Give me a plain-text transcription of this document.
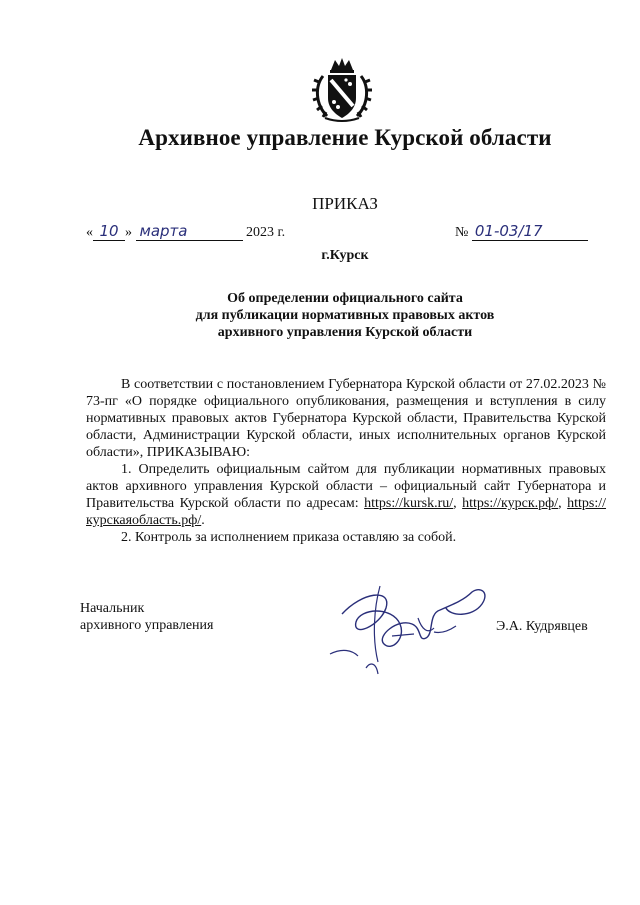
Архивное управление Курской области
ПРИКАЗ
« 10 » марта	2023 г.	№ 01-03/17
г.Курск
Об определении официального сайта
для публикации нормативных правовых актов
архивного управления Курской области

В соответствии с постановлением Губернатора Курской области от 27.02.2023 № 73-пг «О порядке официального опубликования, размещения и вступления в силу нормативных правовых актов Губернатора Курской области, Правительства Курской области, Администрации Курской области, иных исполнительных органов Курской области», ПРИКАЗЫВАЮ:

1. Определить официальным сайтом для публикации нормативных правовых актов архивного управления Курской области – официальный сайт Губернатора и Правительства Курской области по адресам: https://kursk.ru/, https://курск.рф/, https://курскаяобласть.рф/.

2. Контроль за исполнением приказа оставляю за собой.

Начальник
архивного управления	Э.А. Кудрявцев
